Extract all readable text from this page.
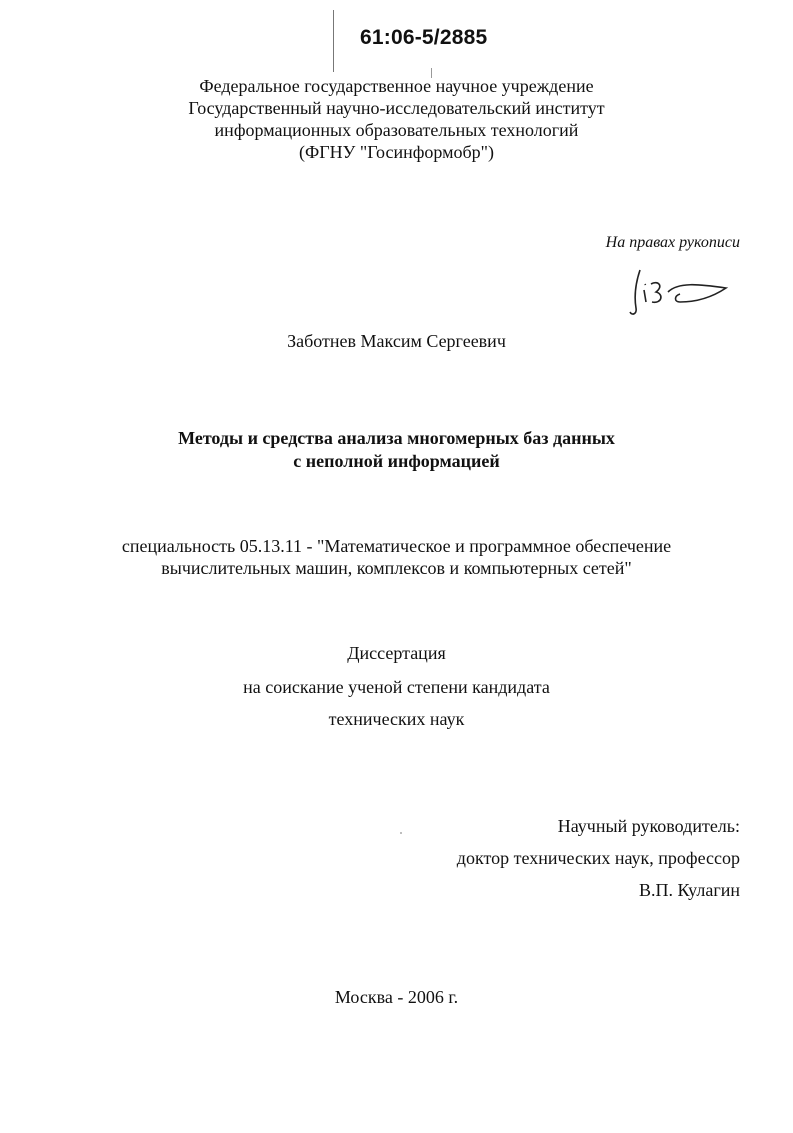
61:06-5/2885
Федеральное государственное научное учреждение
Государственный научно-исследовательский институт
информационных образовательных технологий
(ФГНУ "Госинформобр")
На правах рукописи
Заботнев Максим Сергеевич
Методы и средства анализа многомерных баз данных
с неполной информацией
специальность 05.13.11 - "Математическое и программное обеспечение
вычислительных машин, комплексов и компьютерных сетей"
Диссертация
на соискание ученой степени кандидата
технических наук
Научный руководитель:
доктор технических наук, профессор
В.П. Кулагин
Москва - 2006 г.
